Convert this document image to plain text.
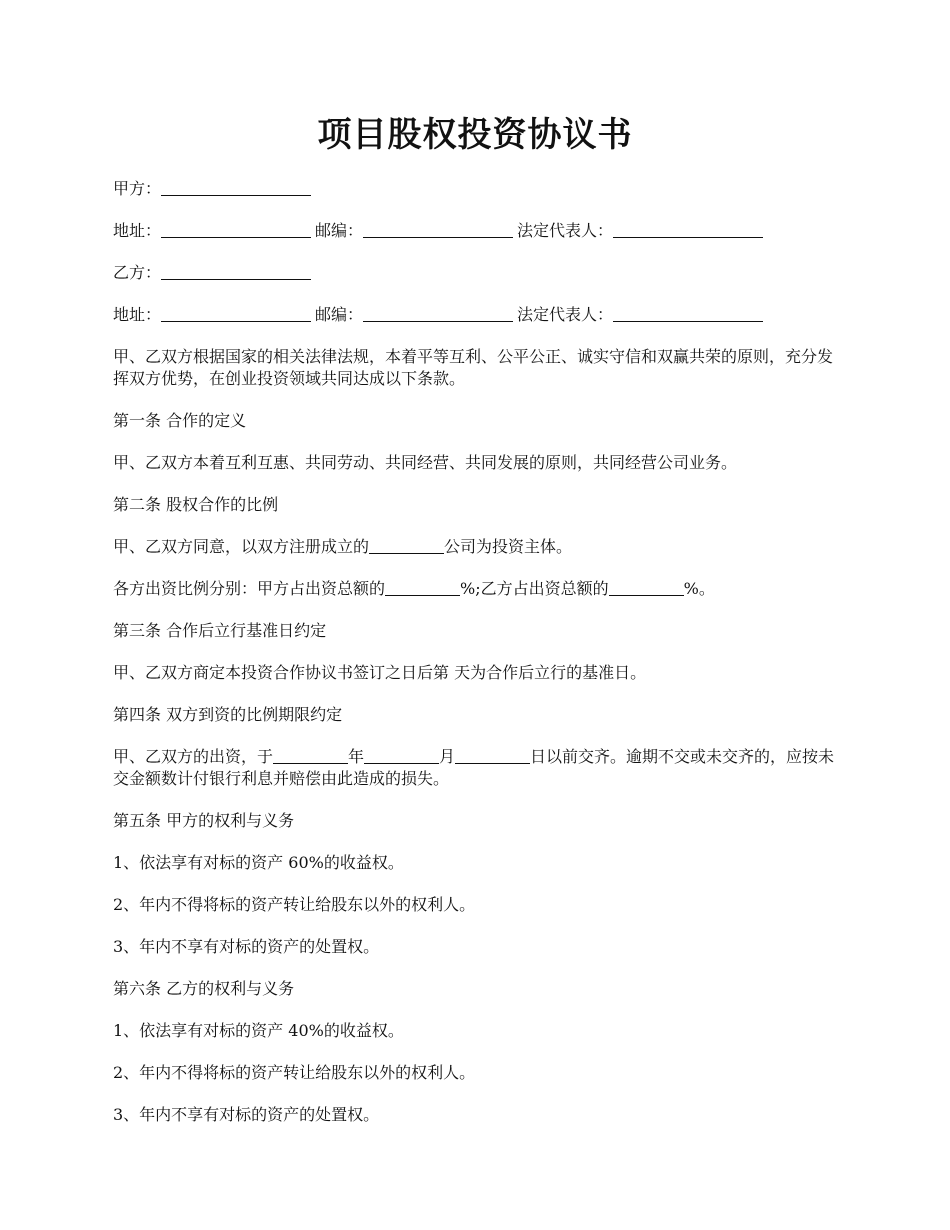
项目股权投资协议书
甲方：
地址：	邮编：	法定代表人：
乙方：
地址：	邮编：	法定代表人：
甲、乙双方根据国家的相关法律法规，本着平等互利、公平公正、诚实守信和双赢共荣的原则，充分发挥双方优势，在创业投资领域共同达成以下条款。
第一条 合作的定义
甲、乙双方本着互利互惠、共同劳动、共同经营、共同发展的原则，共同经营公司业务。
第二条 股权合作的比例
甲、乙双方同意，以双方注册成立的	公司为投资主体。
各方出资比例分别：甲方占出资总额的	%;乙方占出资总额的	%。
第三条 合作后立行基准日约定
甲、乙双方商定本投资合作协议书签订之日后第 天为合作后立行的基准日。
第四条 双方到资的比例期限约定
甲、乙双方的出资，于	年	月	日以前交齐。逾期不交或未交齐的，应按未交金额数计付银行利息并赔偿由此造成的损失。
第五条 甲方的权利与义务
1、依法享有对标的资产 60%的收益权。
2、年内不得将标的资产转让给股东以外的权利人。
3、年内不享有对标的资产的处置权。
第六条 乙方的权利与义务
1、依法享有对标的资产 40%的收益权。
2、年内不得将标的资产转让给股东以外的权利人。
3、年内不享有对标的资产的处置权。
